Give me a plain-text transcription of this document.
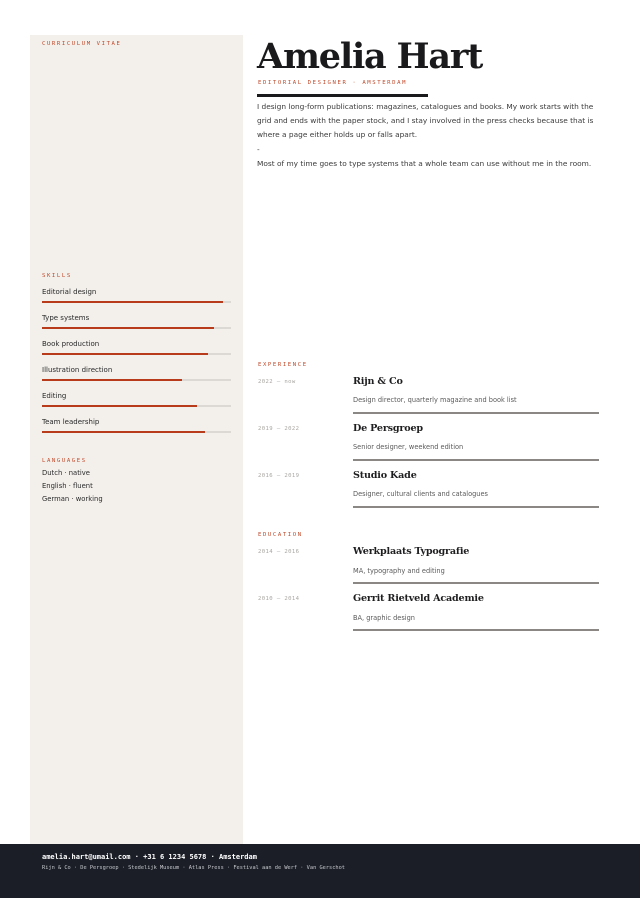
CURRICULUM VITAE
SKILLS
Editorial design
Type systems
Book production
Illustration direction
Editing
Team leadership
LANGUAGES
Dutch · native
English · fluent
German · working
Amelia Hart
EDITORIAL DESIGNER · AMSTERDAM
I design long-form publications: magazines, catalogues and books. My work starts with the grid and ends with the paper stock, and I stay involved in the press checks because that is where a page either holds up or falls apart.
-
Most of my time goes to type systems that a whole team can use without me in the room.
EXPERIENCE
2022 — now	Rijn & Co
Design director, quarterly magazine and book list
2019 — 2022	De Persgroep
Senior designer, weekend edition
2016 — 2019	Studio Kade
Designer, cultural clients and catalogues
EDUCATION
2014 — 2016	Werkplaats Typografie
MA, typography and editing
2010 — 2014	Gerrit Rietveld Academie
BA, graphic design
amelia.hart@umail.com · +31 6 1234 5678 · Amsterdam
Rijn & Co · De Persgroep · Stedelijk Museum · Atlas Press · Festival aan de Werf · Van Gerschot
